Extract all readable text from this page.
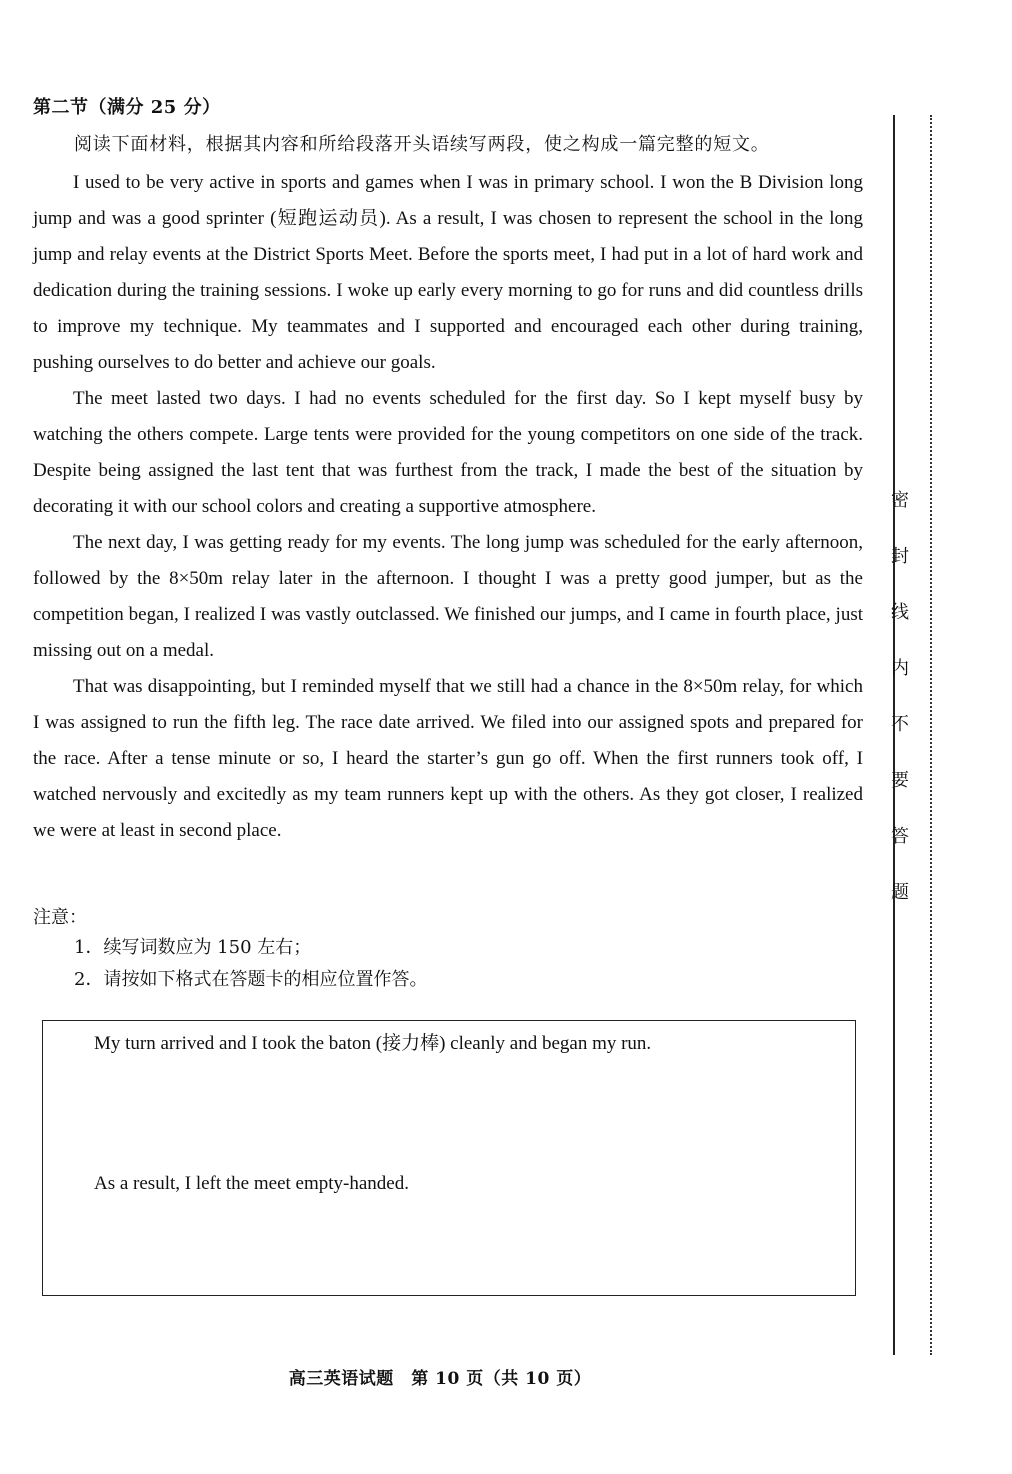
第二节（满分 25 分）
阅读下面材料，根据其内容和所给段落开头语续写两段，使之构成一篇完整的短文。

I used to be very active in sports and games when I was in primary school. I won the B Division long jump and was a good sprinter (短跑运动员). As a result, I was chosen to represent the school in the long jump and relay events at the District Sports Meet. Before the sports meet, I had put in a lot of hard work and dedication during the training sessions. I woke up early every morning to go for runs and did countless drills to improve my technique. My teammates and I supported and encouraged each other during training, pushing ourselves to do better and achieve our goals.

The meet lasted two days. I had no events scheduled for the first day. So I kept myself busy by watching the others compete. Large tents were provided for the young competitors on one side of the track. Despite being assigned the last tent that was furthest from the track, I made the best of the situation by decorating it with our school colors and creating a supportive atmosphere.

The next day, I was getting ready for my events. The long jump was scheduled for the early afternoon, followed by the 8×50m relay later in the afternoon. I thought I was a pretty good jumper, but as the competition began, I realized I was vastly outclassed. We finished our jumps, and I came in fourth place, just missing out on a medal.

That was disappointing, but I reminded myself that we still had a chance in the 8×50m relay, for which I was assigned to run the fifth leg. The race date arrived. We filed into our assigned spots and prepared for the race. After a tense minute or so, I heard the starter’s gun go off. When the first runners took off, I watched nervously and excitedly as my team runners kept up with the others. As they got closer, I realized we were at least in second place.

注意：
1．续写词数应为 150 左右；
2．请按如下格式在答题卡的相应位置作答。
My turn arrived and I took the baton (接力棒) cleanly and began my run.
As a result, I left the meet empty-handed.
密封线内不要答题
高三英语试题　第 10 页（共 10 页）
